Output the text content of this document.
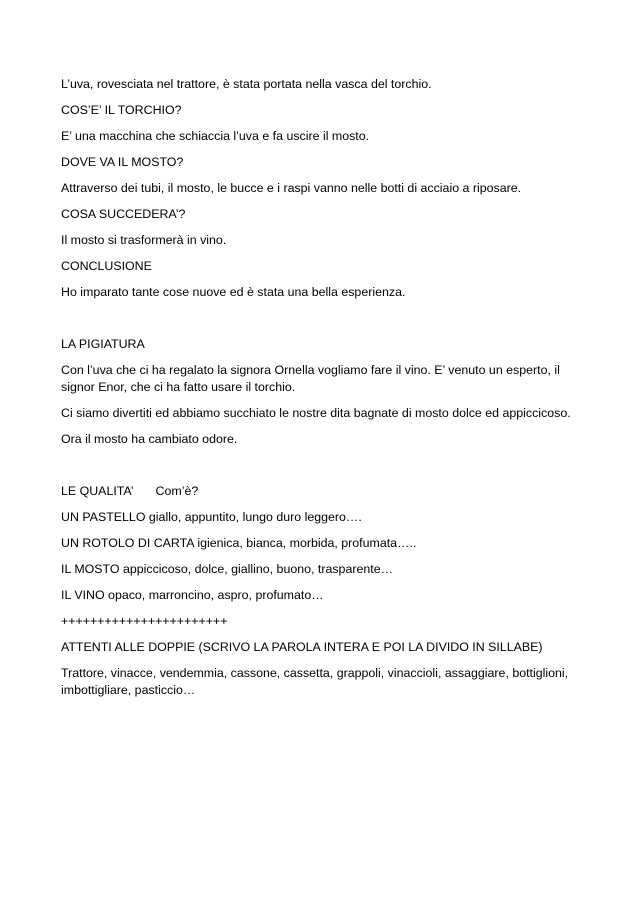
L’uva, rovesciata nel trattore, è stata portata nella vasca del torchio.

COS’E’ IL TORCHIO?

E’ una macchina che schiaccia l’uva e fa uscire il mosto.

DOVE VA IL MOSTO?

Attraverso dei tubi, il mosto, le bucce e i raspi vanno nelle botti di acciaio a riposare.

COSA SUCCEDERA’?

Il mosto si trasformerà in vino.

CONCLUSIONE

Ho imparato tante cose nuove ed è stata una bella esperienza.

LA PIGIATURA

Con l’uva che ci ha regalato la signora Ornella vogliamo fare il vino. E’ venuto un esperto, il signor Enor, che ci ha fatto usare il torchio.

Ci siamo divertiti ed abbiamo succhiato le nostre dita bagnate di mosto dolce ed appiccicoso.

Ora il mosto ha cambiato odore.

LE QUALITA’ Com’è?

UN PASTELLO giallo, appuntito, lungo duro leggero….

UN ROTOLO DI CARTA igienica, bianca, morbida, profumata…..

IL MOSTO appiccicoso, dolce, giallino, buono, trasparente…

IL VINO opaco, marroncino, aspro, profumato…

+++++++++++++++++++++++

ATTENTI ALLE DOPPIE (SCRIVO LA PAROLA INTERA E POI LA DIVIDO IN SILLABE)

Trattore, vinacce, vendemmia, cassone, cassetta, grappoli, vinaccioli, assaggiare, bottiglioni, imbottigliare, pasticcio…
